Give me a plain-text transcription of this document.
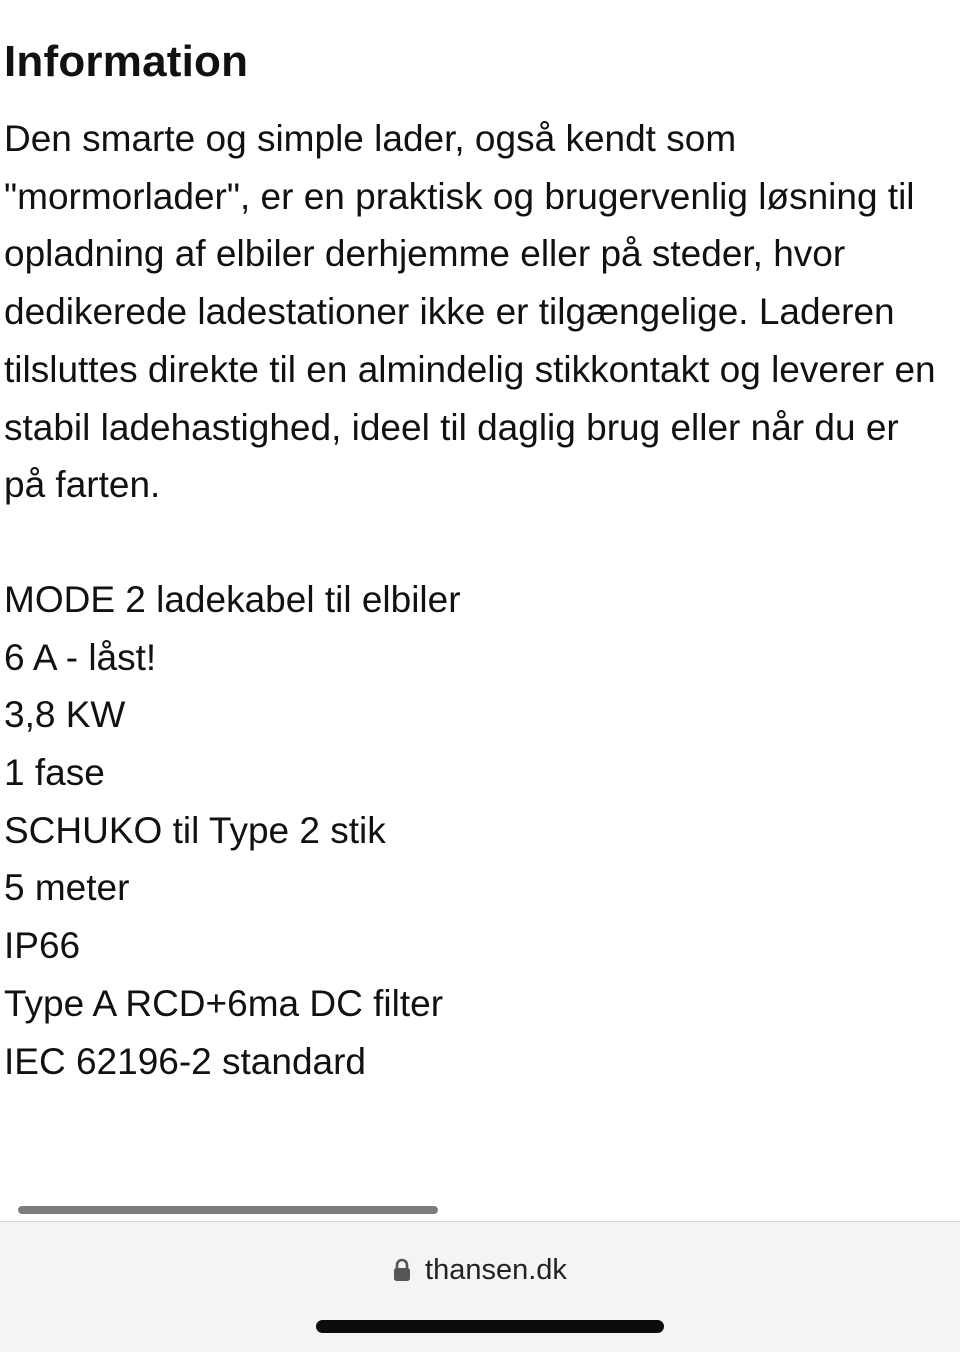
Information

Den smarte og simple lader, også kendt som "mormorlader", er en praktisk og brugervenlig løsning til opladning af elbiler derhjemme eller på steder, hvor dedikerede ladestationer ikke er tilgængelige. Laderen tilsluttes direkte til en almindelig stikkontakt og leverer en stabil ladehastighed, ideel til daglig brug eller når du er på farten.

MODE 2 ladekabel til elbiler
6 A - låst!
3,8 KW
1 fase
SCHUKO til Type 2 stik
5 meter
IP66
Type A RCD+6ma DC filter
IEC 62196-2 standard
thansen.dk
